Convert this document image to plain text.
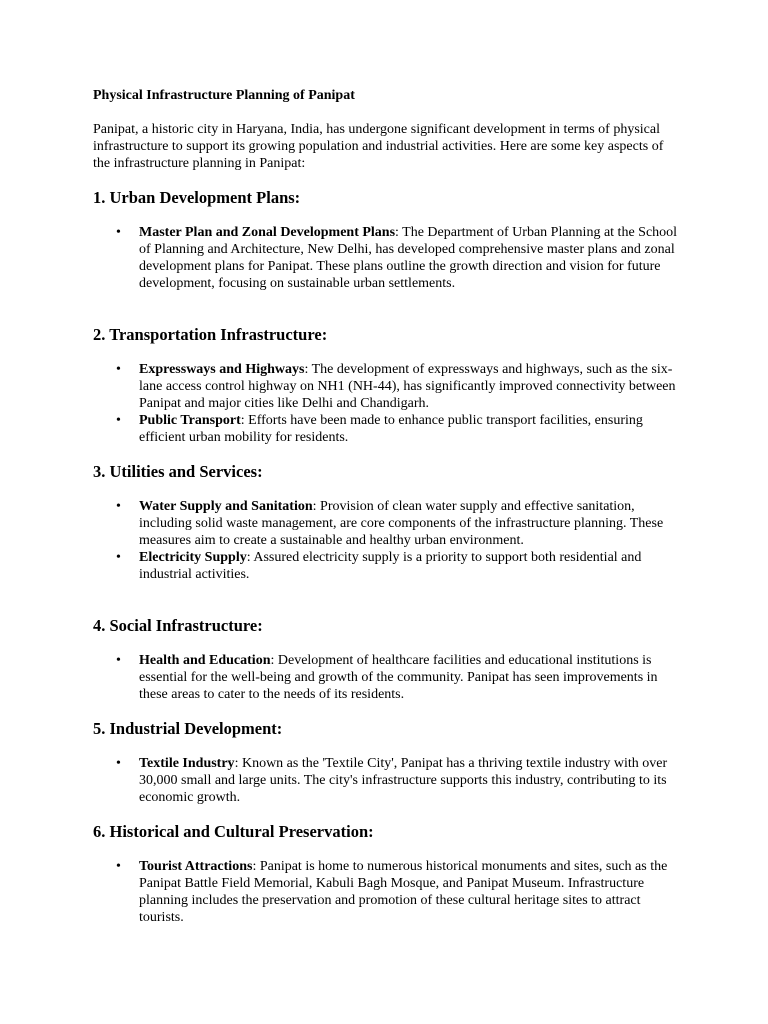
Physical Infrastructure Planning of Panipat

Panipat, a historic city in Haryana, India, has undergone significant development in terms of physical infrastructure to support its growing population and industrial activities. Here are some key aspects of the infrastructure planning in Panipat:

1. Urban Development Plans:
• Master Plan and Zonal Development Plans: The Department of Urban Planning at the School of Planning and Architecture, New Delhi, has developed comprehensive master plans and zonal development plans for Panipat. These plans outline the growth direction and vision for future development, focusing on sustainable urban settlements.
2. Transportation Infrastructure:
• Expressways and Highways: The development of expressways and highways, such as the six-lane access control highway on NH1 (NH-44), has significantly improved connectivity between Panipat and major cities like Delhi and Chandigarh.
• Public Transport: Efforts have been made to enhance public transport facilities, ensuring efficient urban mobility for residents.
3. Utilities and Services:
• Water Supply and Sanitation: Provision of clean water supply and effective sanitation, including solid waste management, are core components of the infrastructure planning. These measures aim to create a sustainable and healthy urban environment.
• Electricity Supply: Assured electricity supply is a priority to support both residential and industrial activities.
4. Social Infrastructure:
• Health and Education: Development of healthcare facilities and educational institutions is essential for the well-being and growth of the community. Panipat has seen improvements in these areas to cater to the needs of its residents.
5. Industrial Development:
• Textile Industry: Known as the 'Textile City', Panipat has a thriving textile industry with over 30,000 small and large units. The city's infrastructure supports this industry, contributing to its economic growth.
6. Historical and Cultural Preservation:
• Tourist Attractions: Panipat is home to numerous historical monuments and sites, such as the Panipat Battle Field Memorial, Kabuli Bagh Mosque, and Panipat Museum. Infrastructure planning includes the preservation and promotion of these cultural heritage sites to attract tourists.
